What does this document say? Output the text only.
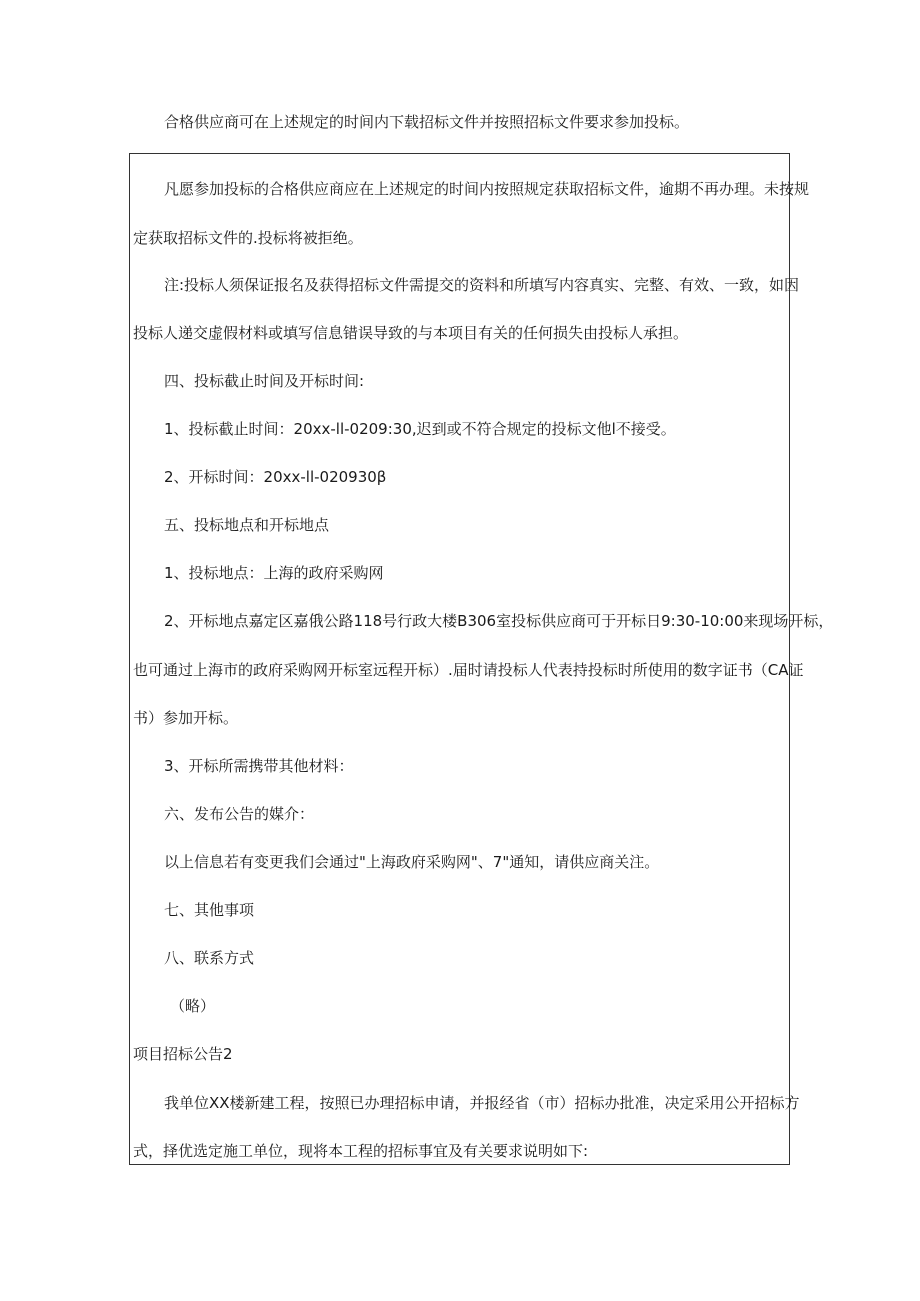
合格供应商可在上述规定的时间内下载招标文件并按照招标文件要求参加投标。
凡愿参加投标的合格供应商应在上述规定的时间内按照规定获取招标文件，逾期不再办理。未按规
定获取招标文件的.投标将被拒绝。
注:投标人须保证报名及获得招标文件需提交的资料和所填写内容真实、完整、有效、一致，如因
投标人递交虚假材料或填写信息错误导致的与本项目有关的任何损失由投标人承担。
四、投标截止时间及开标时间:
1、投标截止时间：20xx-ll-0209:30,迟到或不符合规定的投标文他l不接受。
2、开标时间：20xx-ll-020930β
五、投标地点和开标地点
1、投标地点：上海的政府采购网
2、开标地点嘉定区嘉俄公路118号行政大楼B306室投标供应商可于开标日9:30-10:00来现场开标，
也可通过上海市的政府采购网开标室远程开标）.届时请投标人代表持投标时所使用的数字证书（CA证
书）参加开标。
3、开标所需携带其他材料：
六、发布公告的媒介：
以上信息若有变更我们会通过"上海政府采购网"、7"通知，请供应商关注。
七、其他事项
八、联系方式
（略）
项目招标公告2
我单位XX楼新建工程，按照已办理招标申请，并报经省（市）招标办批准，决定采用公开招标方
式，择优选定施工单位，现将本工程的招标事宜及有关要求说明如下:
